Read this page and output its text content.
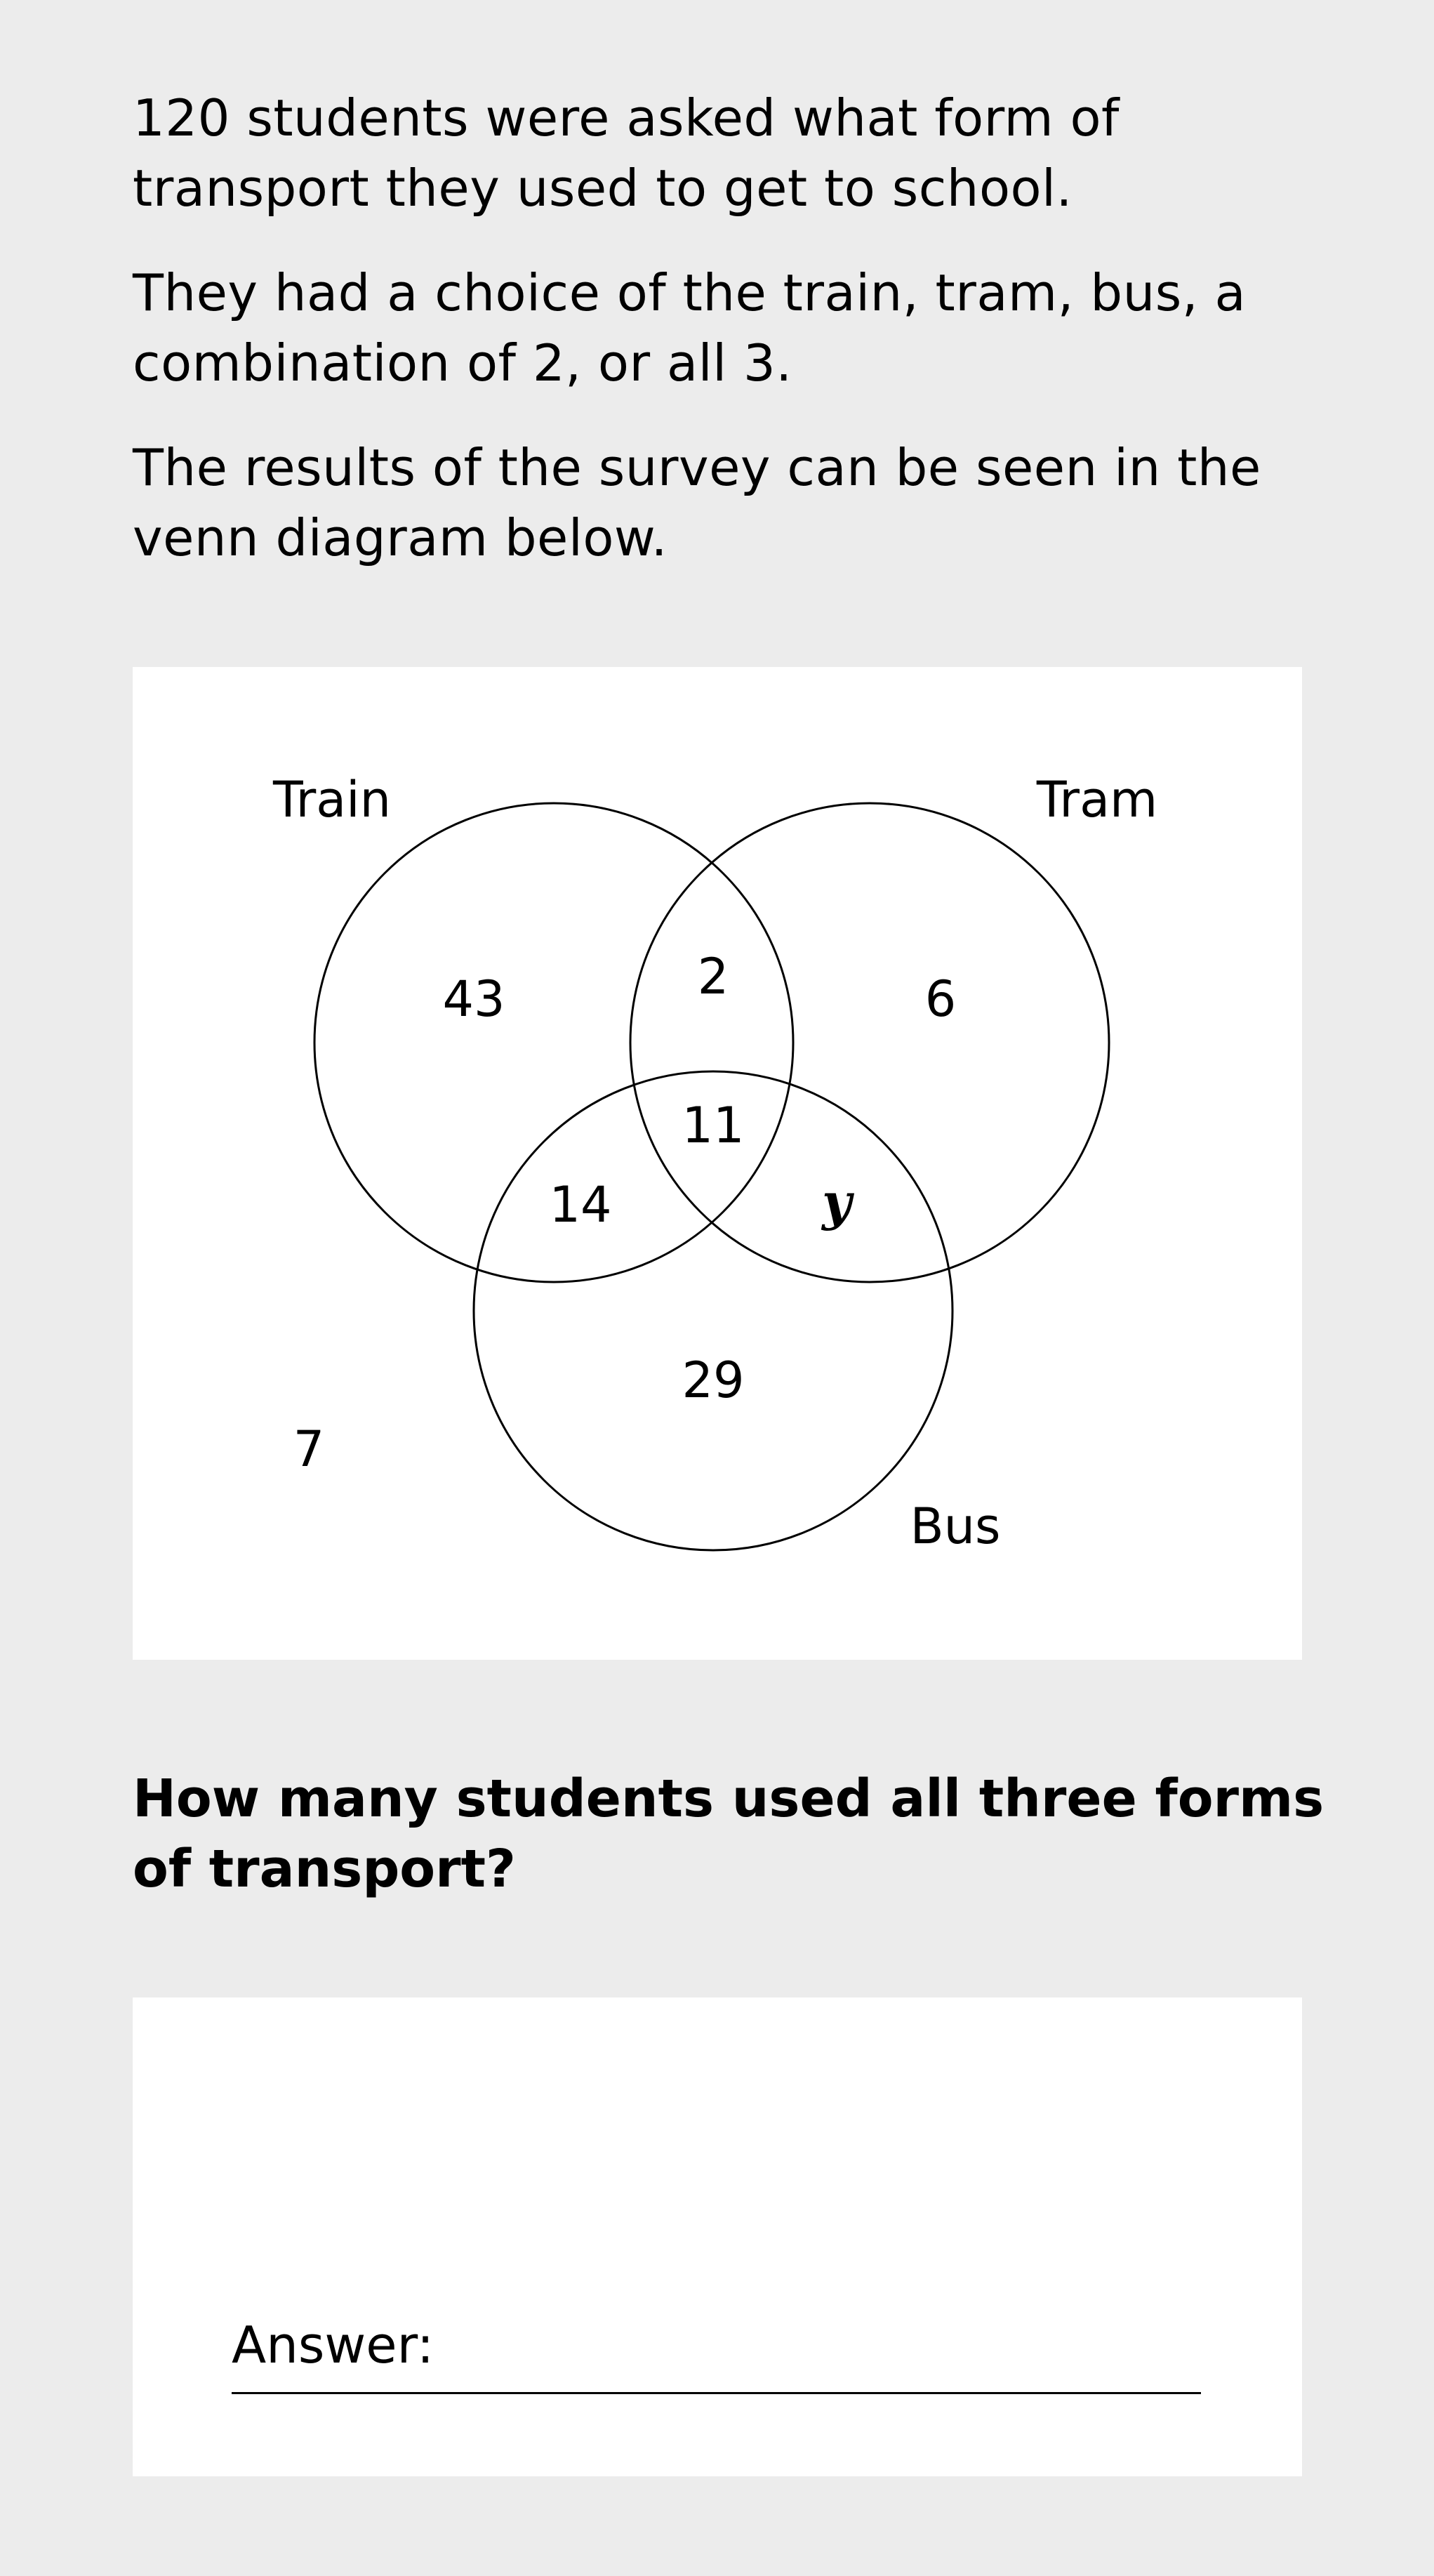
120 students were asked what form of transport they used to get to school.

They had a choice of the train, tram, bus, a combination of 2, or all 3.

The results of the survey can be seen in the venn diagram below.

Train	Tram
Bus
43	2	6
11
14	y
29
7
How many students used all three forms of transport?
Answer:
